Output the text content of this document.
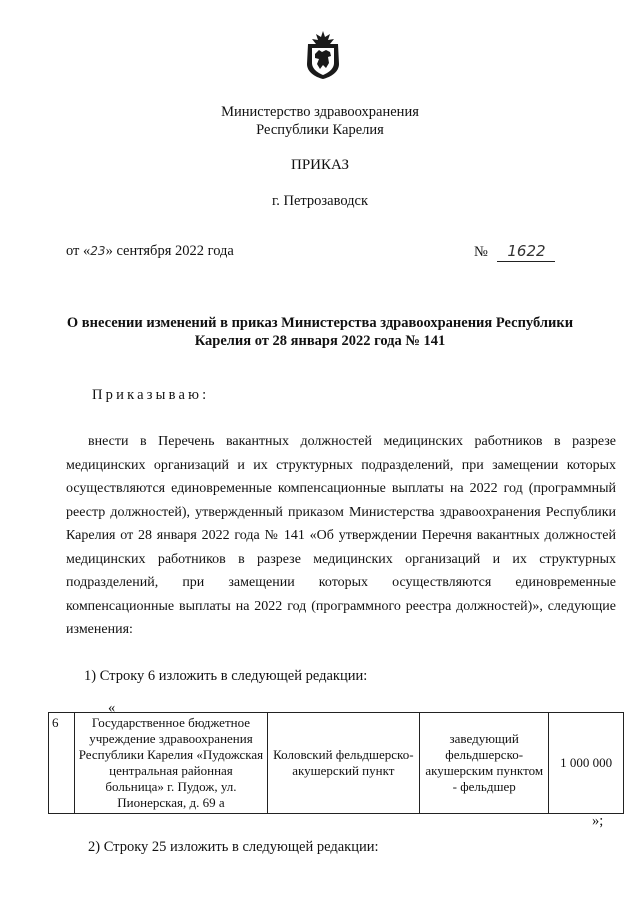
Министерство здравоохранения
Республики Карелия
ПРИКАЗ
г. Петрозаводск
от «23» сентября 2022 года	№ 1622
О внесении изменений в приказ Министерства здравоохранения Республики
Карелия от 28 января 2022 года № 141
Приказываю:
внести в Перечень вакантных должностей медицинских работников в разрезе
медицинских организаций и их структурных подразделений, при замещении которых
осуществляются единовременные компенсационные выплаты на 2022 год (программный
реестр должностей), утвержденный приказом Министерства здравоохранения Республики
Карелия от 28 января 2022 года № 141 «Об утверждении Перечня вакантных должностей
медицинских работников в разрезе медицинских организаций и их структурных
подразделений, при замещении которых осуществляются единовременные
компенсационные выплаты на 2022 год (программного реестра должностей)», следующие
изменения:
1) Строку 6 изложить в следующей редакции:
«
6	Государственное бюджетное учреждение здравоохранения Республики Карелия «Пудожская центральная районная больница» г. Пудож, ул. Пионерская, д. 69 а	Коловский фельдшерско-акушерский пункт	заведующий фельдшерско-акушерским пунктом - фельдшер	1 000 000
»;
2) Строку 25 изложить в следующей редакции:
